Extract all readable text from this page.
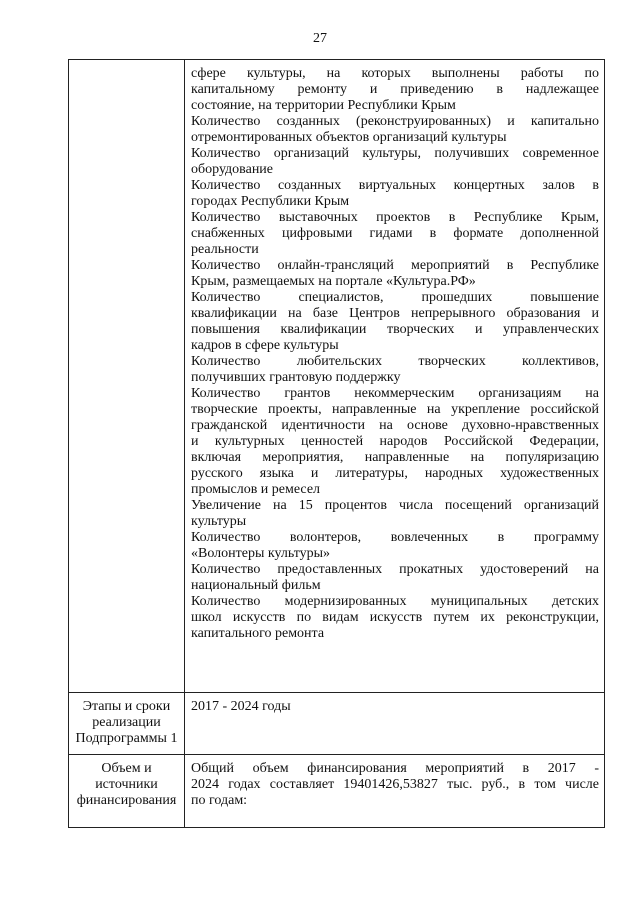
27
сфере культуры, на которых выполнены работы по
капитальному ремонту и приведению в надлежащее
состояние, на территории Республики Крым
Количество созданных (реконструированных) и капитально
отремонтированных объектов организаций культуры
Количество организаций культуры, получивших современное
оборудование
Количество созданных виртуальных концертных залов в
городах Республики Крым
Количество выставочных проектов в Республике Крым,
снабженных цифровыми гидами в формате дополненной
реальности
Количество онлайн-трансляций мероприятий в Республике
Крым, размещаемых на портале «Культура.РФ»
Количество специалистов, прошедших повышение
квалификации на базе Центров непрерывного образования и
повышения квалификации творческих и управленческих
кадров в сфере культуры
Количество любительских творческих коллективов,
получивших грантовую поддержку
Количество грантов некоммерческим организациям на
творческие проекты, направленные на укрепление российской
гражданской идентичности на основе духовно-нравственных
и культурных ценностей народов Российской Федерации,
включая мероприятия, направленные на популяризацию
русского языка и литературы, народных художественных
промыслов и ремесел
Увеличение на 15 процентов числа посещений организаций
культуры
Количество волонтеров, вовлеченных в программу
«Волонтеры культуры»
Количество предоставленных прокатных удостоверений на
национальный фильм
Количество модернизированных муниципальных детских
школ искусств по видам искусств путем их реконструкции,
капитального ремонта
Этапы и сроки
реализации
Подпрограммы 1
2017 - 2024 годы
Объем и
источники
финансирования
Общий объем финансирования мероприятий в 2017 -
2024 годах составляет 19401426,53827 тыс. руб., в том числе
по годам:
